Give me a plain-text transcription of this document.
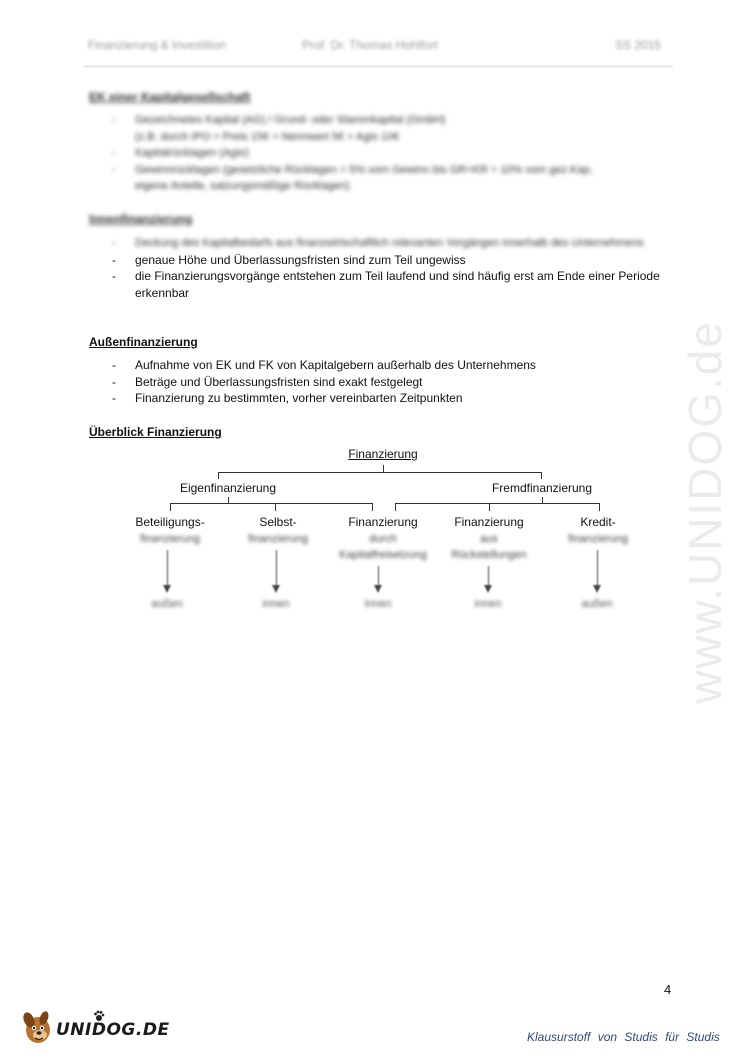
Finanzierung & Investition	Prof. Dr. Thomas Hohlfort	SS 2015
www.UNIDOG.de
EK einer Kapitalgesellschaft
- Gezeichnetes Kapital (AG) / Grund- oder Stammkapital (GmbH)
(z.B. durch IPO = Preis 15€ = Nennwert 5€ + Agio 10€
- Kapitalrücklagen (Agio)
- Gewinnrücklagen (gesetzliche Rücklagen = 5% vom Gewinn bis GR+KR = 10% vom gez.Kap,
eigene Anteile, satzungsmäßige Rücklagen)
Innenfinanzierung
- Deckung des Kapitalbedarfs aus finanzwirtschaftlich relevanten Vorgängen innerhalb des Unternehmens
- genaue Höhe und Überlassungsfristen sind zum Teil ungewiss
- die Finanzierungsvorgänge entstehen zum Teil laufend und sind häufig erst am Ende einer Periode erkennbar
Außenfinanzierung
- Aufnahme von EK und FK von Kapitalgebern außerhalb des Unternehmens
- Beträge und Überlassungsfristen sind exakt festgelegt
- Finanzierung zu bestimmten, vorher vereinbarten Zeitpunkten
Überblick Finanzierung
Finanzierung
Eigenfinanzierung	Fremdfinanzierung
Beteiligungs-
finanzierung
Selbst-
finanzierung
Finanzierung
durch
Kapitalfreisetzung
Finanzierung
aus
Rückstellungen
Kredit-
finanzierung
außen	innen	innen	innen	außen
4
UNIDOG.DE	Klausurstoff von Studis für Studis
